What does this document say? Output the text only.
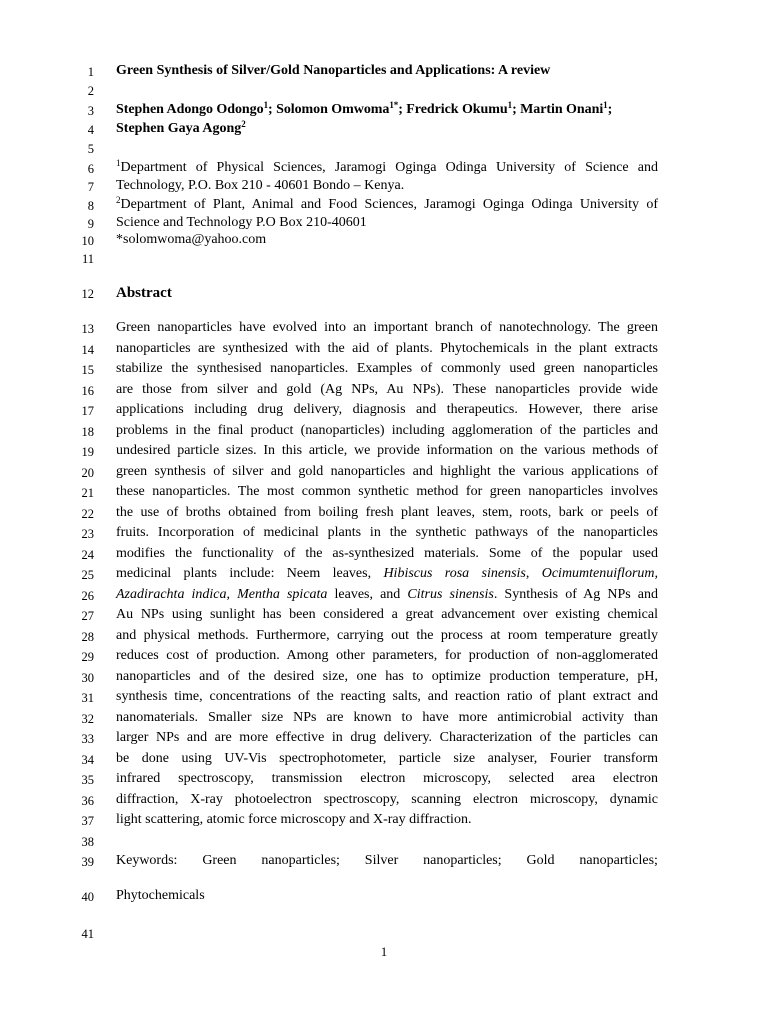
1
2
3
4
5
6
7
8
9
10
11
12
13
14
15
16
17
18
19
20
21
22
23
24
25
26
27
28
29
30
31
32
33
34
35
36
37
38
39
40
41
Green Synthesis of Silver/Gold Nanoparticles and Applications: A review
Stephen Adongo Odongo$^1$; Solomon Omwoma$^{1*}$; Fredrick Okumu$^1$; Martin Onani$^1$;
Stephen Gaya Agong$^2$
$^1$Department of Physical Sciences, Jaramogi Oginga Odinga University of Science and
Technology, P.O. Box 210 - 40601 Bondo – Kenya.
$^2$Department of Plant, Animal and Food Sciences, Jaramogi Oginga Odinga University of
Science and Technology P.O Box 210-40601
*solomwoma@yahoo.com
Abstract
Green nanoparticles have evolved into an important branch of nanotechnology. The green
nanoparticles are synthesized with the aid of plants. Phytochemicals in the plant extracts
stabilize the synthesised nanoparticles. Examples of commonly used green nanoparticles
are those from silver and gold (Ag NPs, Au NPs). These nanoparticles provide wide
applications including drug delivery, diagnosis and therapeutics. However, there arise
problems in the final product (nanoparticles) including agglomeration of the particles and
undesired particle sizes. In this article, we provide information on the various methods of
green synthesis of silver and gold nanoparticles and highlight the various applications of
these nanoparticles. The most common synthetic method for green nanoparticles involves
the use of broths obtained from boiling fresh plant leaves, stem, roots, bark or peels of
fruits. Incorporation of medicinal plants in the synthetic pathways of the nanoparticles
modifies the functionality of the as-synthesized materials. Some of the popular used
medicinal plants include: Neem leaves, Hibiscus rosa sinensis, Ocimumtenuiflorum,
Azadirachta indica, Mentha spicata leaves, and Citrus sinensis. Synthesis of Ag NPs and
Au NPs using sunlight has been considered a great advancement over existing chemical
and physical methods. Furthermore, carrying out the process at room temperature greatly
reduces cost of production. Among other parameters, for production of non-agglomerated
nanoparticles and of the desired size, one has to optimize production temperature, pH,
synthesis time, concentrations of the reacting salts, and reaction ratio of plant extract and
nanomaterials. Smaller size NPs are known to have more antimicrobial activity than
larger NPs and are more effective in drug delivery. Characterization of the particles can
be done using UV-Vis spectrophotometer, particle size analyser, Fourier transform
infrared spectroscopy, transmission electron microscopy, selected area electron
diffraction, X-ray photoelectron spectroscopy, scanning electron microscopy, dynamic
light scattering, atomic force microscopy and X-ray diffraction.
Keywords: Green nanoparticles; Silver nanoparticles; Gold nanoparticles;
Phytochemicals
1
